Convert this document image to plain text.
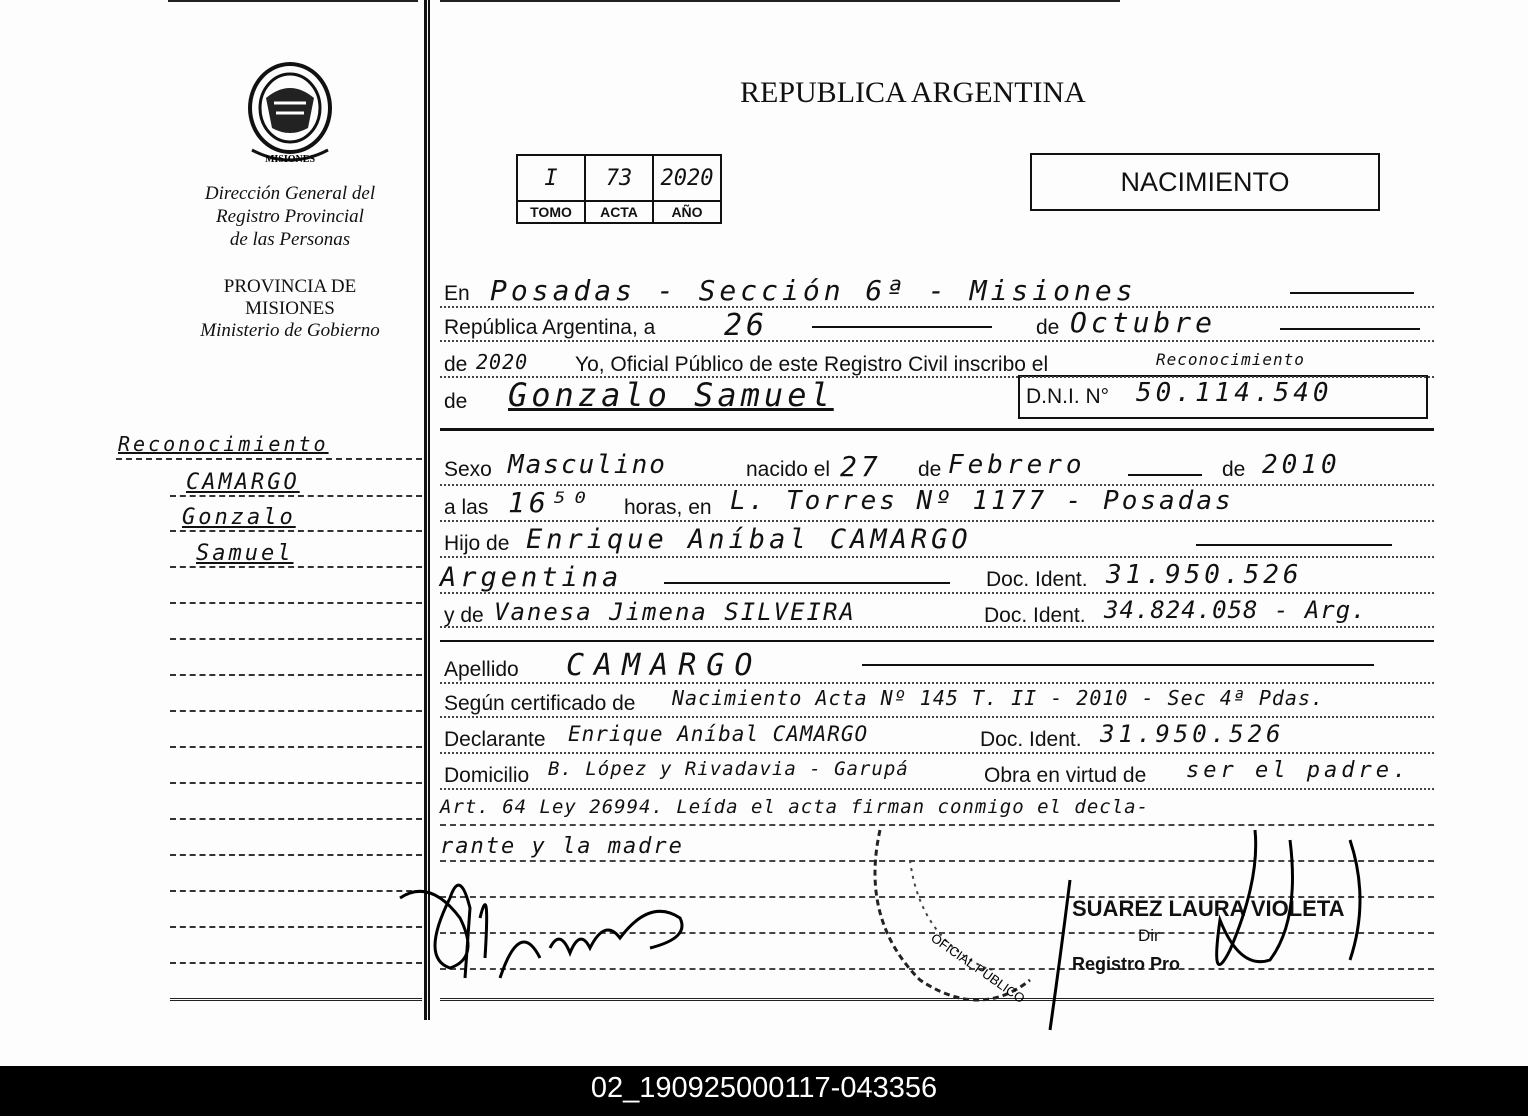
MISIONES
Dirección General del
Registro Provincial
de las Personas
PROVINCIA DE
MISIONES
Ministerio de Gobierno
Reconocimiento
CAMARGO
Gonzalo
Samuel
REPUBLICA ARGENTINA
I	73	2020
TOMO	ACTA	AÑO
NACIMIENTO
En Posadas - Sección 6ª - Misiones
República Argentina, a 26	de Octubre
de 2020 Yo, Oficial Público de este Registro Civil inscribo el	Reconocimiento
de Gonzalo Samuel	D.N.I. N° 50.114.540
Sexo Masculino	nacido el 27 de Febrero	de 2010
a las 16⁵⁰ horas, en L. Torres Nº 1177 - Posadas
Hijo de Enrique Aníbal CAMARGO
Argentina	Doc. Ident. 31.950.526
y de Vanesa Jimena SILVEIRA	Doc. Ident. 34.824.058 - Arg.
Apellido CAMARGO
Según certificado de Nacimiento Acta Nº 145 T. II - 2010 - Sec 4ª Pdas.
Declarante Enrique Aníbal CAMARGO	Doc. Ident. 31.950.526
Domicilio B. López y Rivadavia - Garupá	Obra en virtud de ser el padre.
Art. 64 Ley 26994. Leída el acta firman conmigo el decla-
rante y la madre
OFICIAL PÚBLICO
SUAREZ LAURA VIOLETA
Dir
Registro Pro
02_190925000117-043356
